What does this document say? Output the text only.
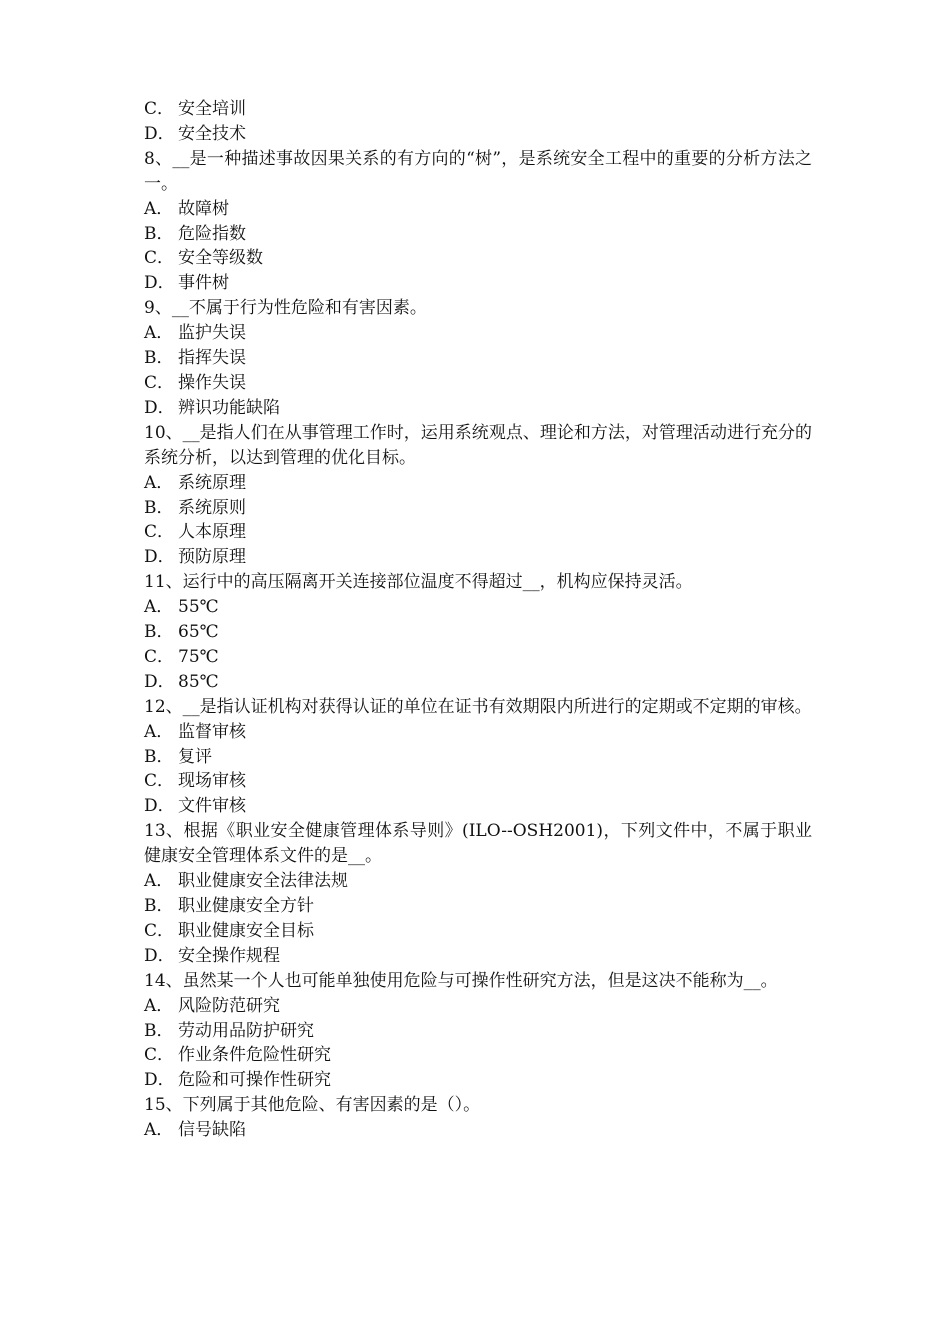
C． 安全培训

D． 安全技术

8、__是一种描述事故因果关系的有方向的“树”，是系统安全工程中的重要的分析方法之一。

A． 故障树

B． 危险指数

C． 安全等级数

D． 事件树

9、__不属于行为性危险和有害因素。

A． 监护失误

B． 指挥失误

C． 操作失误

D． 辨识功能缺陷

10、__是指人们在从事管理工作时，运用系统观点、理论和方法，对管理活动进行充分的系统分析，以达到管理的优化目标。

A． 系统原理

B． 系统原则

C． 人本原理

D． 预防原理

11、运行中的高压隔离开关连接部位温度不得超过__，机构应保持灵活。

A． 55℃

B． 65℃

C． 75℃

D． 85℃

12、__是指认证机构对获得认证的单位在证书有效期限内所进行的定期或不定期的审核。

A． 监督审核

B． 复评

C． 现场审核

D． 文件审核

13、根据《职业安全健康管理体系导则》(ILO--OSH2001)，下列文件中，不属于职业健康安全管理体系文件的是__。

A． 职业健康安全法律法规

B． 职业健康安全方针

C． 职业健康安全目标

D． 安全操作规程

14、虽然某一个人也可能单独使用危险与可操作性研究方法，但是这决不能称为__。

A． 风险防范研究

B． 劳动用品防护研究

C． 作业条件危险性研究

D． 危险和可操作性研究

15、下列属于其他危险、有害因素的是（）。

A． 信号缺陷
